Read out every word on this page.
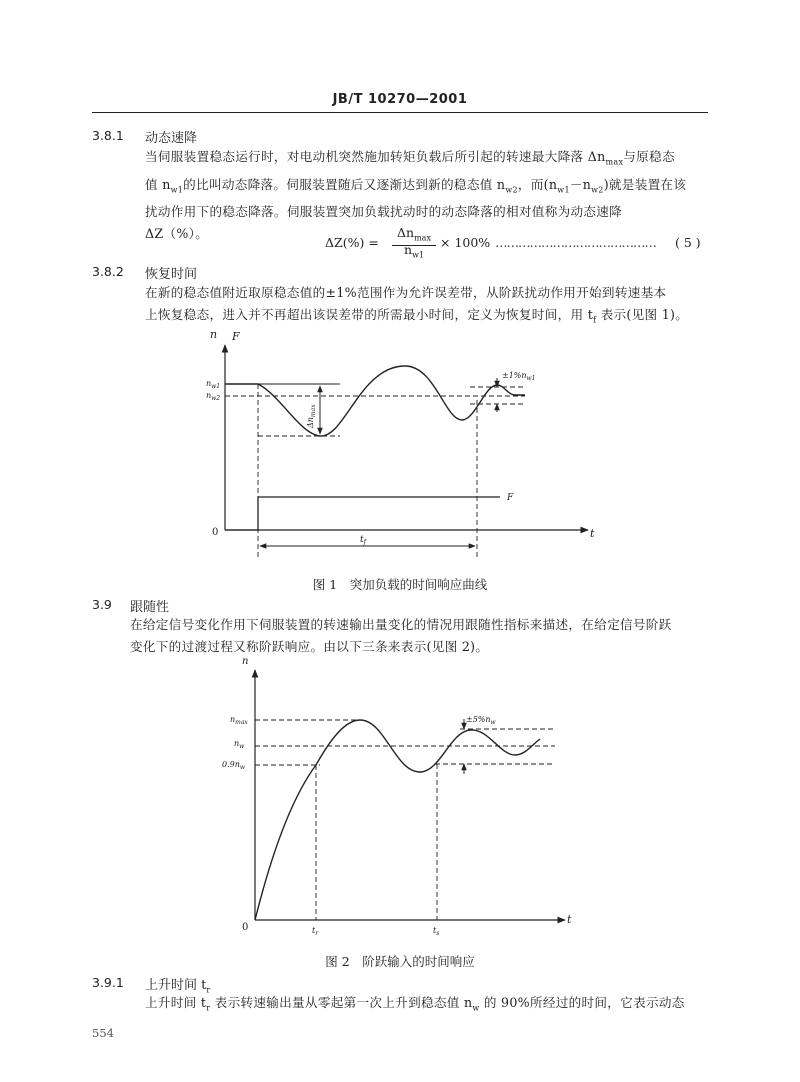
JB/T 10270—2001
3.8.1 动态速降
当伺服装置稳态运行时，对电动机突然施加转矩负载后所引起的转速最大降落 $\Delta n_{max}$与原稳态
值 $n_{w1}$的比叫动态降落。伺服装置随后又逐渐达到新的稳态值 $n_{w2}$，而$(n_{w1}-n_{w2})$就是装置在该
扰动作用下的稳态降落。伺服装置突加负载扰动时的动态降落的相对值称为动态速降
ΔZ（%）。
ΔZ(%) =
$\Delta n_{max}$
$n_{w1}$
× 100% …………………………………… ( 5 )
3.8.2 恢复时间
在新的稳态值附近取原稳态值的±1%范围作为允许误差带，从阶跃扰动作用开始到转速基本
上恢复稳态，进入并不再超出该误差带的所需最小时间，定义为恢复时间，用 $t_f$ 表示(见图 1)。
n F
0	t
$n_{w1}$
$n_{w2}$
$\Delta n_{max}$
$\pm 1\%n_{w1}$
F
$t_f$
图 1　突加负载的时间响应曲线
3.9 跟随性
在给定信号变化作用下伺服装置的转速输出量变化的情况用跟随性指标来描述，在给定信号阶跃
变化下的过渡过程又称阶跃响应。由以下三条来表示(见图 2)。
n
0
t
$n_{max}$
$n_w$
$0.9n_w$
$\pm 5\%n_w$
$t_r$	$t_s$
图 2　阶跃输入的时间响应
3.9.1 上升时间 $t_r$
上升时间 $t_r$ 表示转速输出量从零起第一次上升到稳态值 $n_w$ 的 90%所经过的时间，它表示动态
554
